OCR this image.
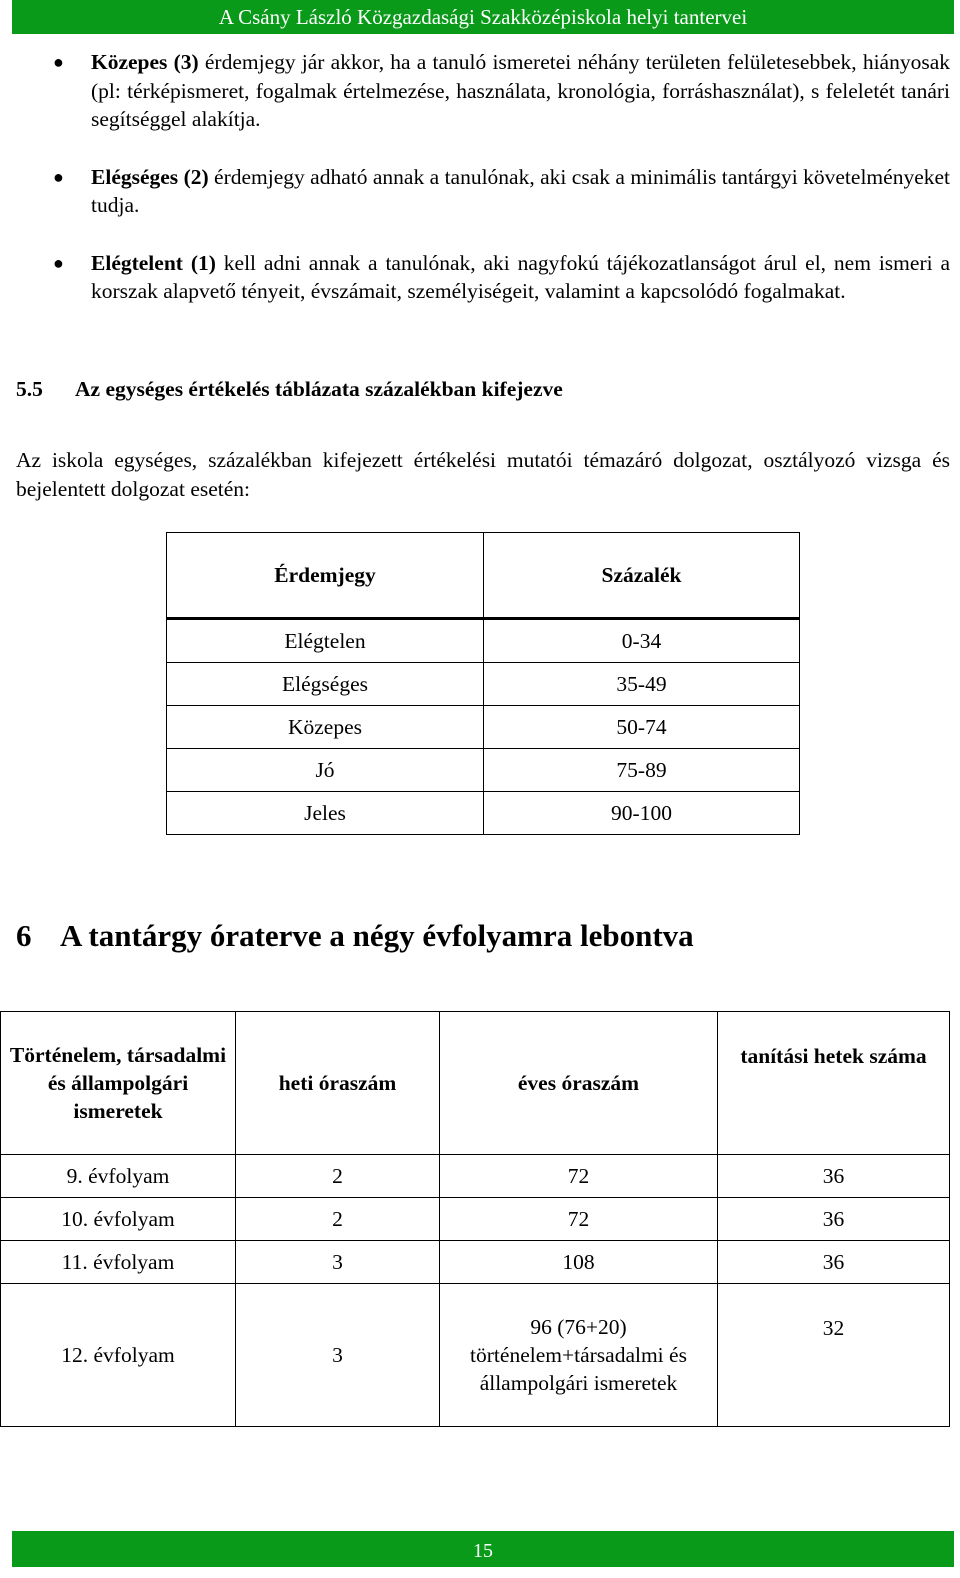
A Csány László Közgazdasági Szakközépiskola helyi tantervei
● Közepes (3) érdemjegy jár akkor, ha a tanuló ismeretei néhány területen felületesebbek, hiányosak (pl: térképismeret, fogalmak értelmezése, használata, kronológia, forráshasználat), s feleletét tanári segítséggel alakítja.
● Elégséges (2) érdemjegy adható annak a tanulónak, aki csak a minimális tantárgyi követelményeket tudja.
● Elégtelent (1) kell adni annak a tanulónak, aki nagyfokú tájékozatlanságot árul el, nem ismeri a korszak alapvető tényeit, évszámait, személyiségeit, valamint a kapcsolódó fogalmakat.
5.5 Az egységes értékelés táblázata százalékban kifejezve
Az iskola egységes, százalékban kifejezett értékelési mutatói témazáró dolgozat, osztályozó vizsga és bejelentett dolgozat esetén:
Érdemjegy	Százalék
Elégtelen	0-34
Elégséges	35-49
Közepes	50-74
Jó	75-89
Jeles	90-100
6 A tantárgy óraterve a négy évfolyamra lebontva
Történelem, társadalmi és állampolgári ismeretek	heti óraszám	éves óraszám	tanítási hetek száma
9. évfolyam	2	72	36
10. évfolyam	2	72	36
11. évfolyam	3	108	36
12. évfolyam	3	96 (76+20) történelem+társadalmi és állampolgári ismeretek	32
15
